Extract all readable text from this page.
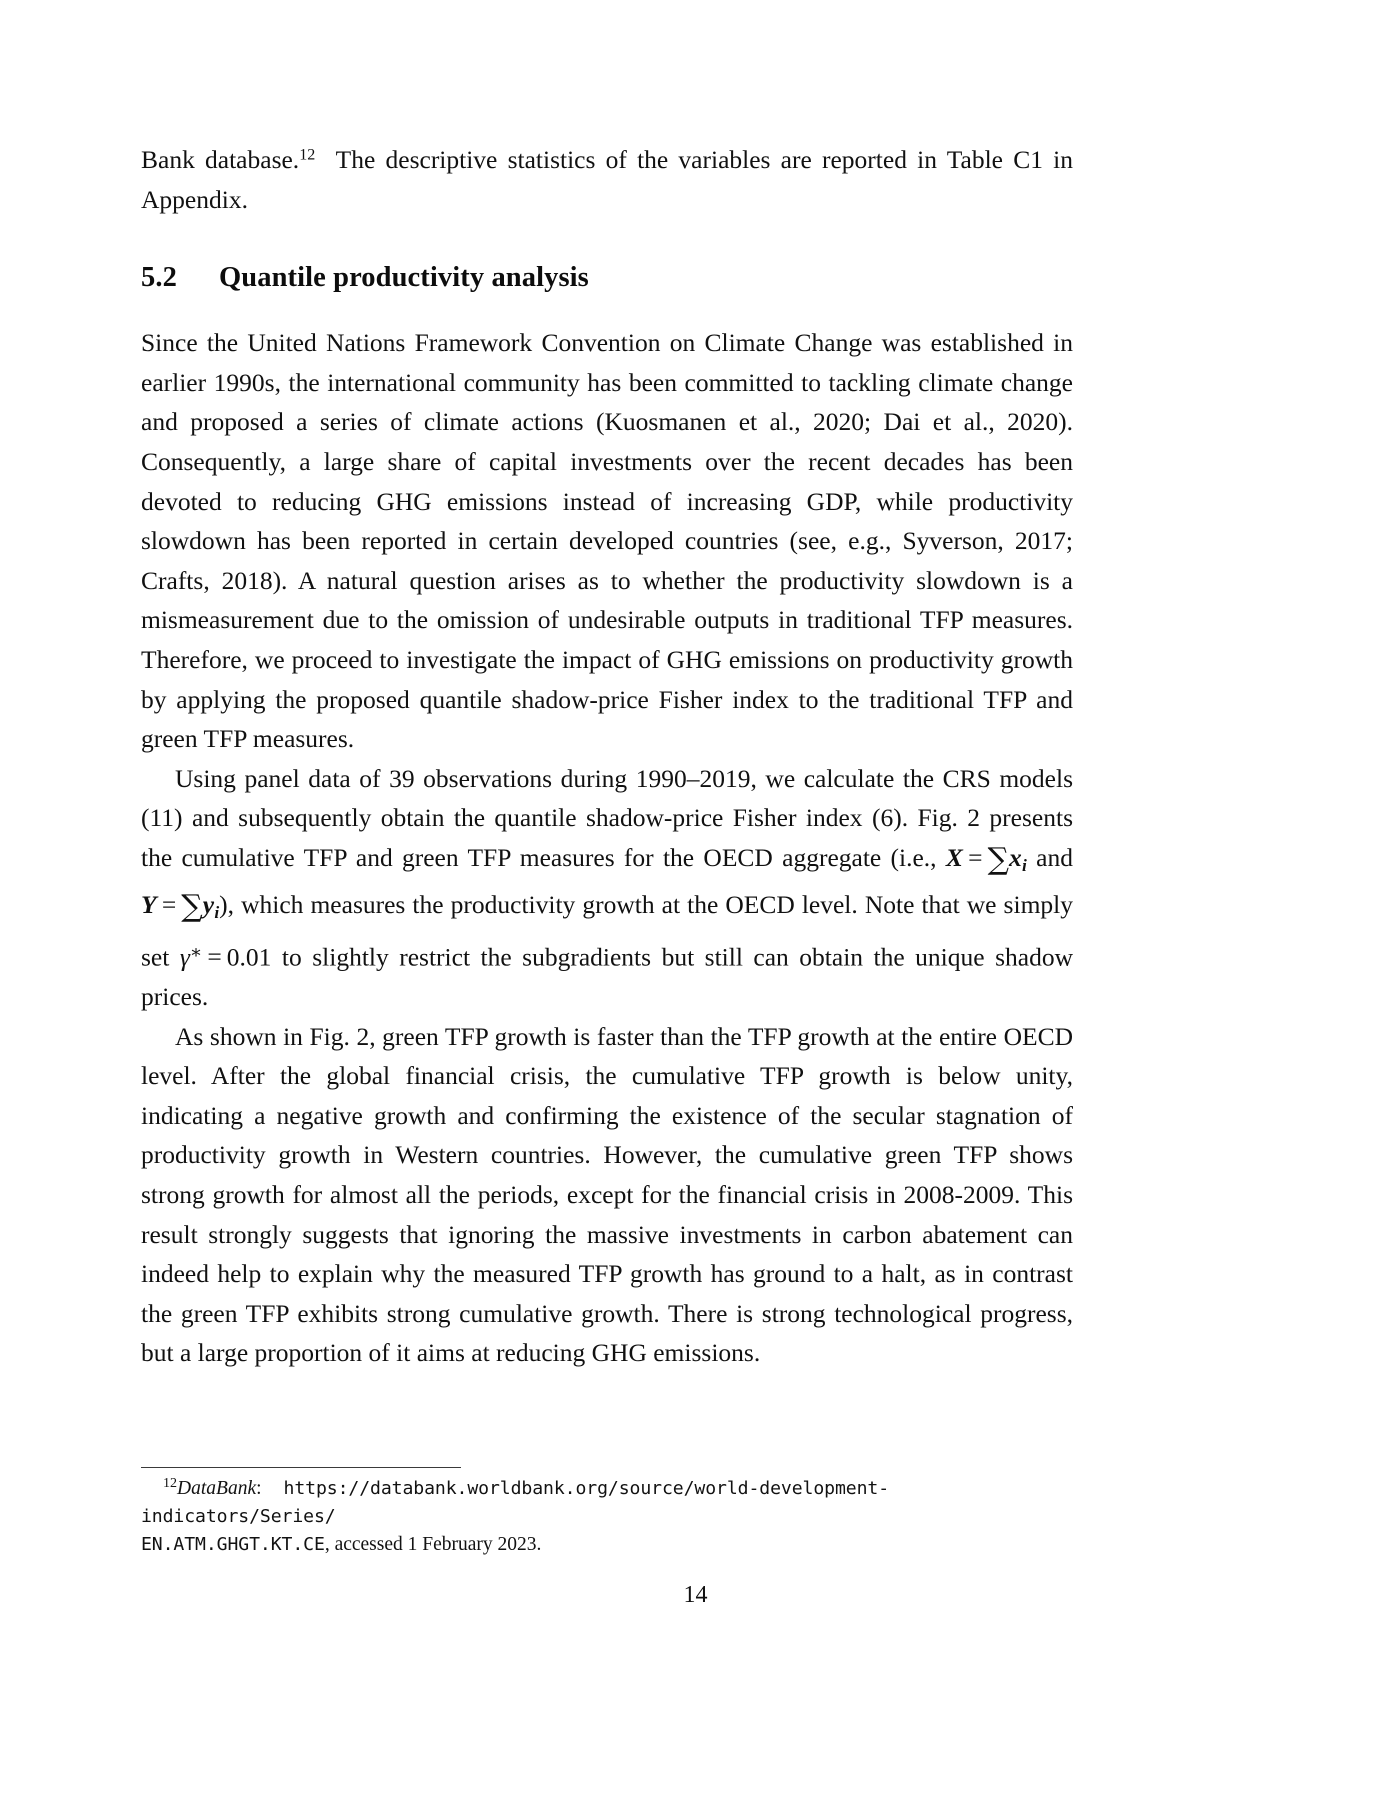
Bank database.$^{12}$ The descriptive statistics of the variables are reported in Table C1 in Appendix.

5.2 Quantile productivity analysis

Since the United Nations Framework Convention on Climate Change was established in earlier 1990s, the international community has been committed to tackling climate change and proposed a series of climate actions (Kuosmanen et al., 2020; Dai et al., 2020). Consequently, a large share of capital investments over the recent decades has been devoted to reducing GHG emissions instead of increasing GDP, while productivity slowdown has been reported in certain developed countries (see, e.g., Syverson, 2017; Crafts, 2018). A natural question arises as to whether the productivity slowdown is a mismeasurement due to the omission of undesirable outputs in traditional TFP measures. Therefore, we proceed to investigate the impact of GHG emissions on productivity growth by applying the proposed quantile shadow-price Fisher index to the traditional TFP and green TFP measures.

Using panel data of 39 observations during 1990–2019, we calculate the CRS models (11) and subsequently obtain the quantile shadow-price Fisher index (6). Fig. 2 presents the cumulative TFP and green TFP measures for the OECD aggregate (i.e., $X = \sum x_i$ and $Y = \sum y_i$), which measures the productivity growth at the OECD level. Note that we simply set γ∗ = 0.01 to slightly restrict the subgradients but still can obtain the unique shadow prices.

As shown in Fig. 2, green TFP growth is faster than the TFP growth at the entire OECD level. After the global financial crisis, the cumulative TFP growth is below unity, indicating a negative growth and confirming the existence of the secular stagnation of productivity growth in Western countries. However, the cumulative green TFP shows strong growth for almost all the periods, except for the financial crisis in 2008-2009. This result strongly suggests that ignoring the massive investments in carbon abatement can indeed help to explain why the measured TFP growth has ground to a halt, as in contrast the green TFP exhibits strong cumulative growth. There is strong technological progress, but a large proportion of it aims at reducing GHG emissions.

$^{12}$DataBank: https://databank.worldbank.org/source/world-development-indicators/Series/
EN.ATM.GHGT.KT.CE, accessed 1 February 2023.

14
